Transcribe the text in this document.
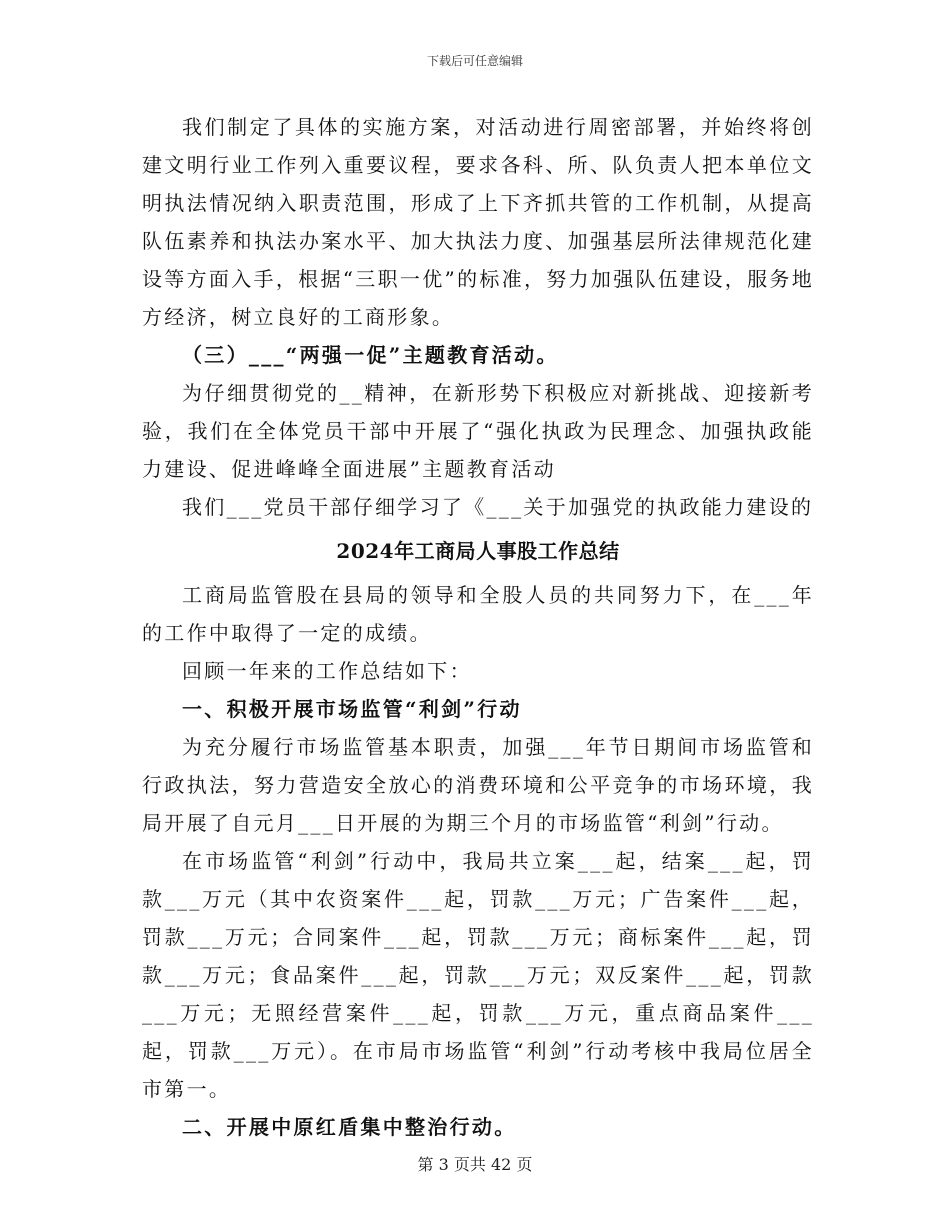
下载后可任意编辑

我们制定了具体的实施方案，对活动进行周密部署，并始终将创建文明行业工作列入重要议程，要求各科、所、队负责人把本单位文明执法情况纳入职责范围，形成了上下齐抓共管的工作机制，从提高队伍素养和执法办案水平、加大执法力度、加强基层所法律规范化建设等方面入手，根据“三职一优”的标准，努力加强队伍建设，服务地方经济，树立良好的工商形象。

（三）___“两强一促”主题教育活动。

为仔细贯彻党的__精神，在新形势下积极应对新挑战、迎接新考验，我们在全体党员干部中开展了“强化执政为民理念、加强执政能力建设、促进峰峰全面进展”主题教育活动

我们___党员干部仔细学习了《___关于加强党的执政能力建设的

2024年工商局人事股工作总结

工商局监管股在县局的领导和全股人员的共同努力下，在___年的工作中取得了一定的成绩。

回顾一年来的工作总结如下：

一、积极开展市场监管“利剑”行动

为充分履行市场监管基本职责，加强___年节日期间市场监管和行政执法，努力营造安全放心的消费环境和公平竞争的市场环境，我局开展了自元月___日开展的为期三个月的市场监管“利剑”行动。

在市场监管“利剑”行动中，我局共立案___起，结案___起，罚款___万元（其中农资案件___起，罚款___万元；广告案件___起，罚款___万元；合同案件___起，罚款___万元；商标案件___起，罚款___万元；食品案件___起，罚款___万元；双反案件___起，罚款___万元；无照经营案件___起，罚款___万元，重点商品案件___起，罚款___万元）。在市局市场监管“利剑”行动考核中我局位居全市第一。

二、开展中原红盾集中整治行动。

第 3 页共 42 页
